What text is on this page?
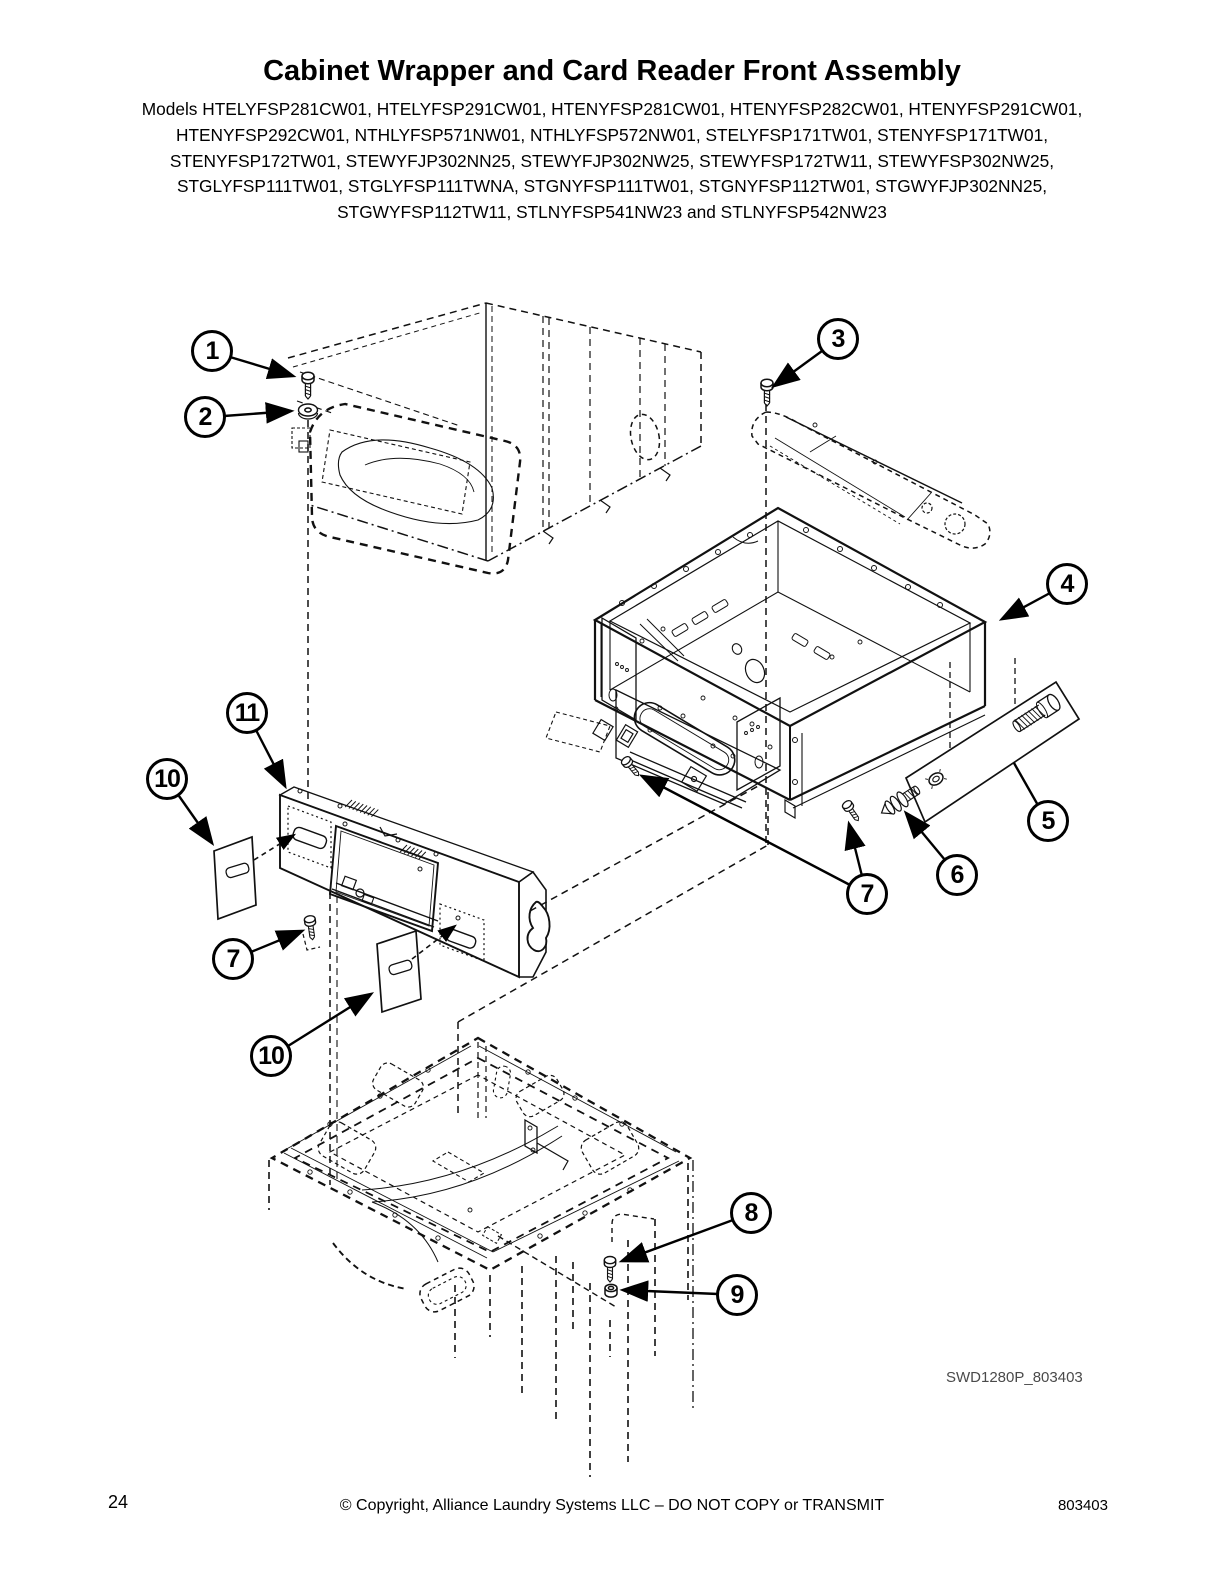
Cabinet Wrapper and Card Reader Front Assembly
Models HTELYFSP281CW01, HTELYFSP291CW01, HTENYFSP281CW01, HTENYFSP282CW01, HTENYFSP291CW01,
HTENYFSP292CW01, NTHLYFSP571NW01, NTHLYFSP572NW01, STELYFSP171TW01, STENYFSP171TW01,
STENYFSP172TW01, STEWYFJP302NN25, STEWYFJP302NW25, STEWYFSP172TW11, STEWYFSP302NW25,
STGLYFSP111TW01, STGLYFSP111TWNA, STGNYFSP111TW01, STGNYFSP112TW01, STGWYFJP302NN25,
STGWYFSP112TW11, STLNYFSP541NW23 and STLNYFSP542NW23
1
2
3
4
5
6
7
7
8
9
10
10
11
SWD1280P_803403
24	© Copyright, Alliance Laundry Systems LLC – DO NOT COPY or TRANSMIT	803403
